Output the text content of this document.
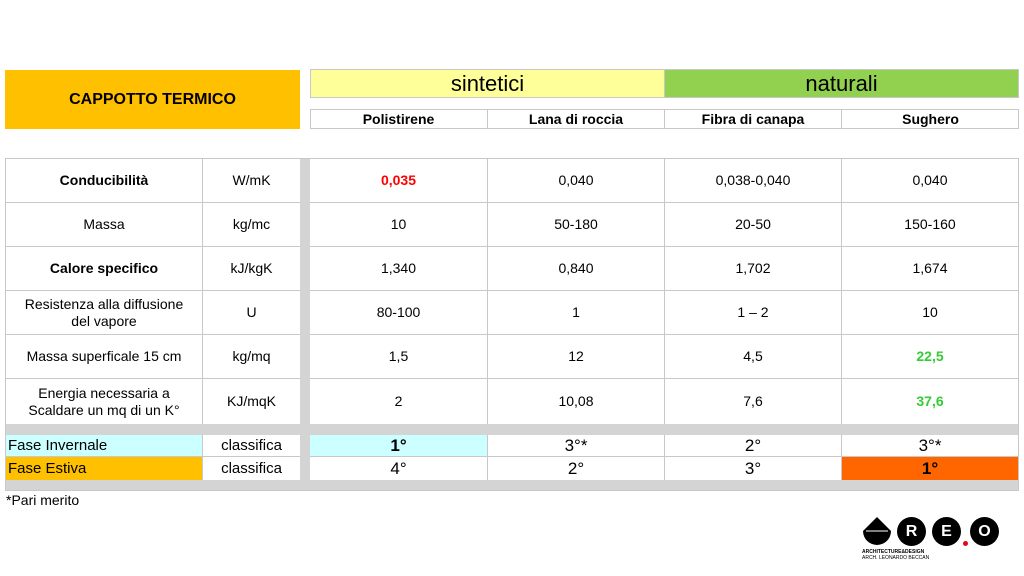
CAPPOTTO TERMICO
sintetici	naturali
Polistirene	Lana di roccia	Fibra di canapa	Sughero
Conducibilità	W/mK	0,035	0,040	0,038-0,040	0,040
Massa	kg/mc	10	50-180	20-50	150-160
Calore specifico	kJ/kgK	1,340	0,840	1,702	1,674
Resistenza alla diffusione
del vapore
U	80-100	1	1 – 2	10
Massa superficale 15 cm	kg/mq	1,5	12	4,5	22,5
Energia necessaria a
Scaldare un mq di un K°
KJ/mqK	2	10,08	7,6	37,6
Fase Invernale	classifica	1°	3°*	2°	3°*
Fase Estiva	classifica	4°	2°	3°	1°
*Pari merito
R E O
ARCHITECTURE&DESIGN
ARCH. LEONARDO BECCAN
